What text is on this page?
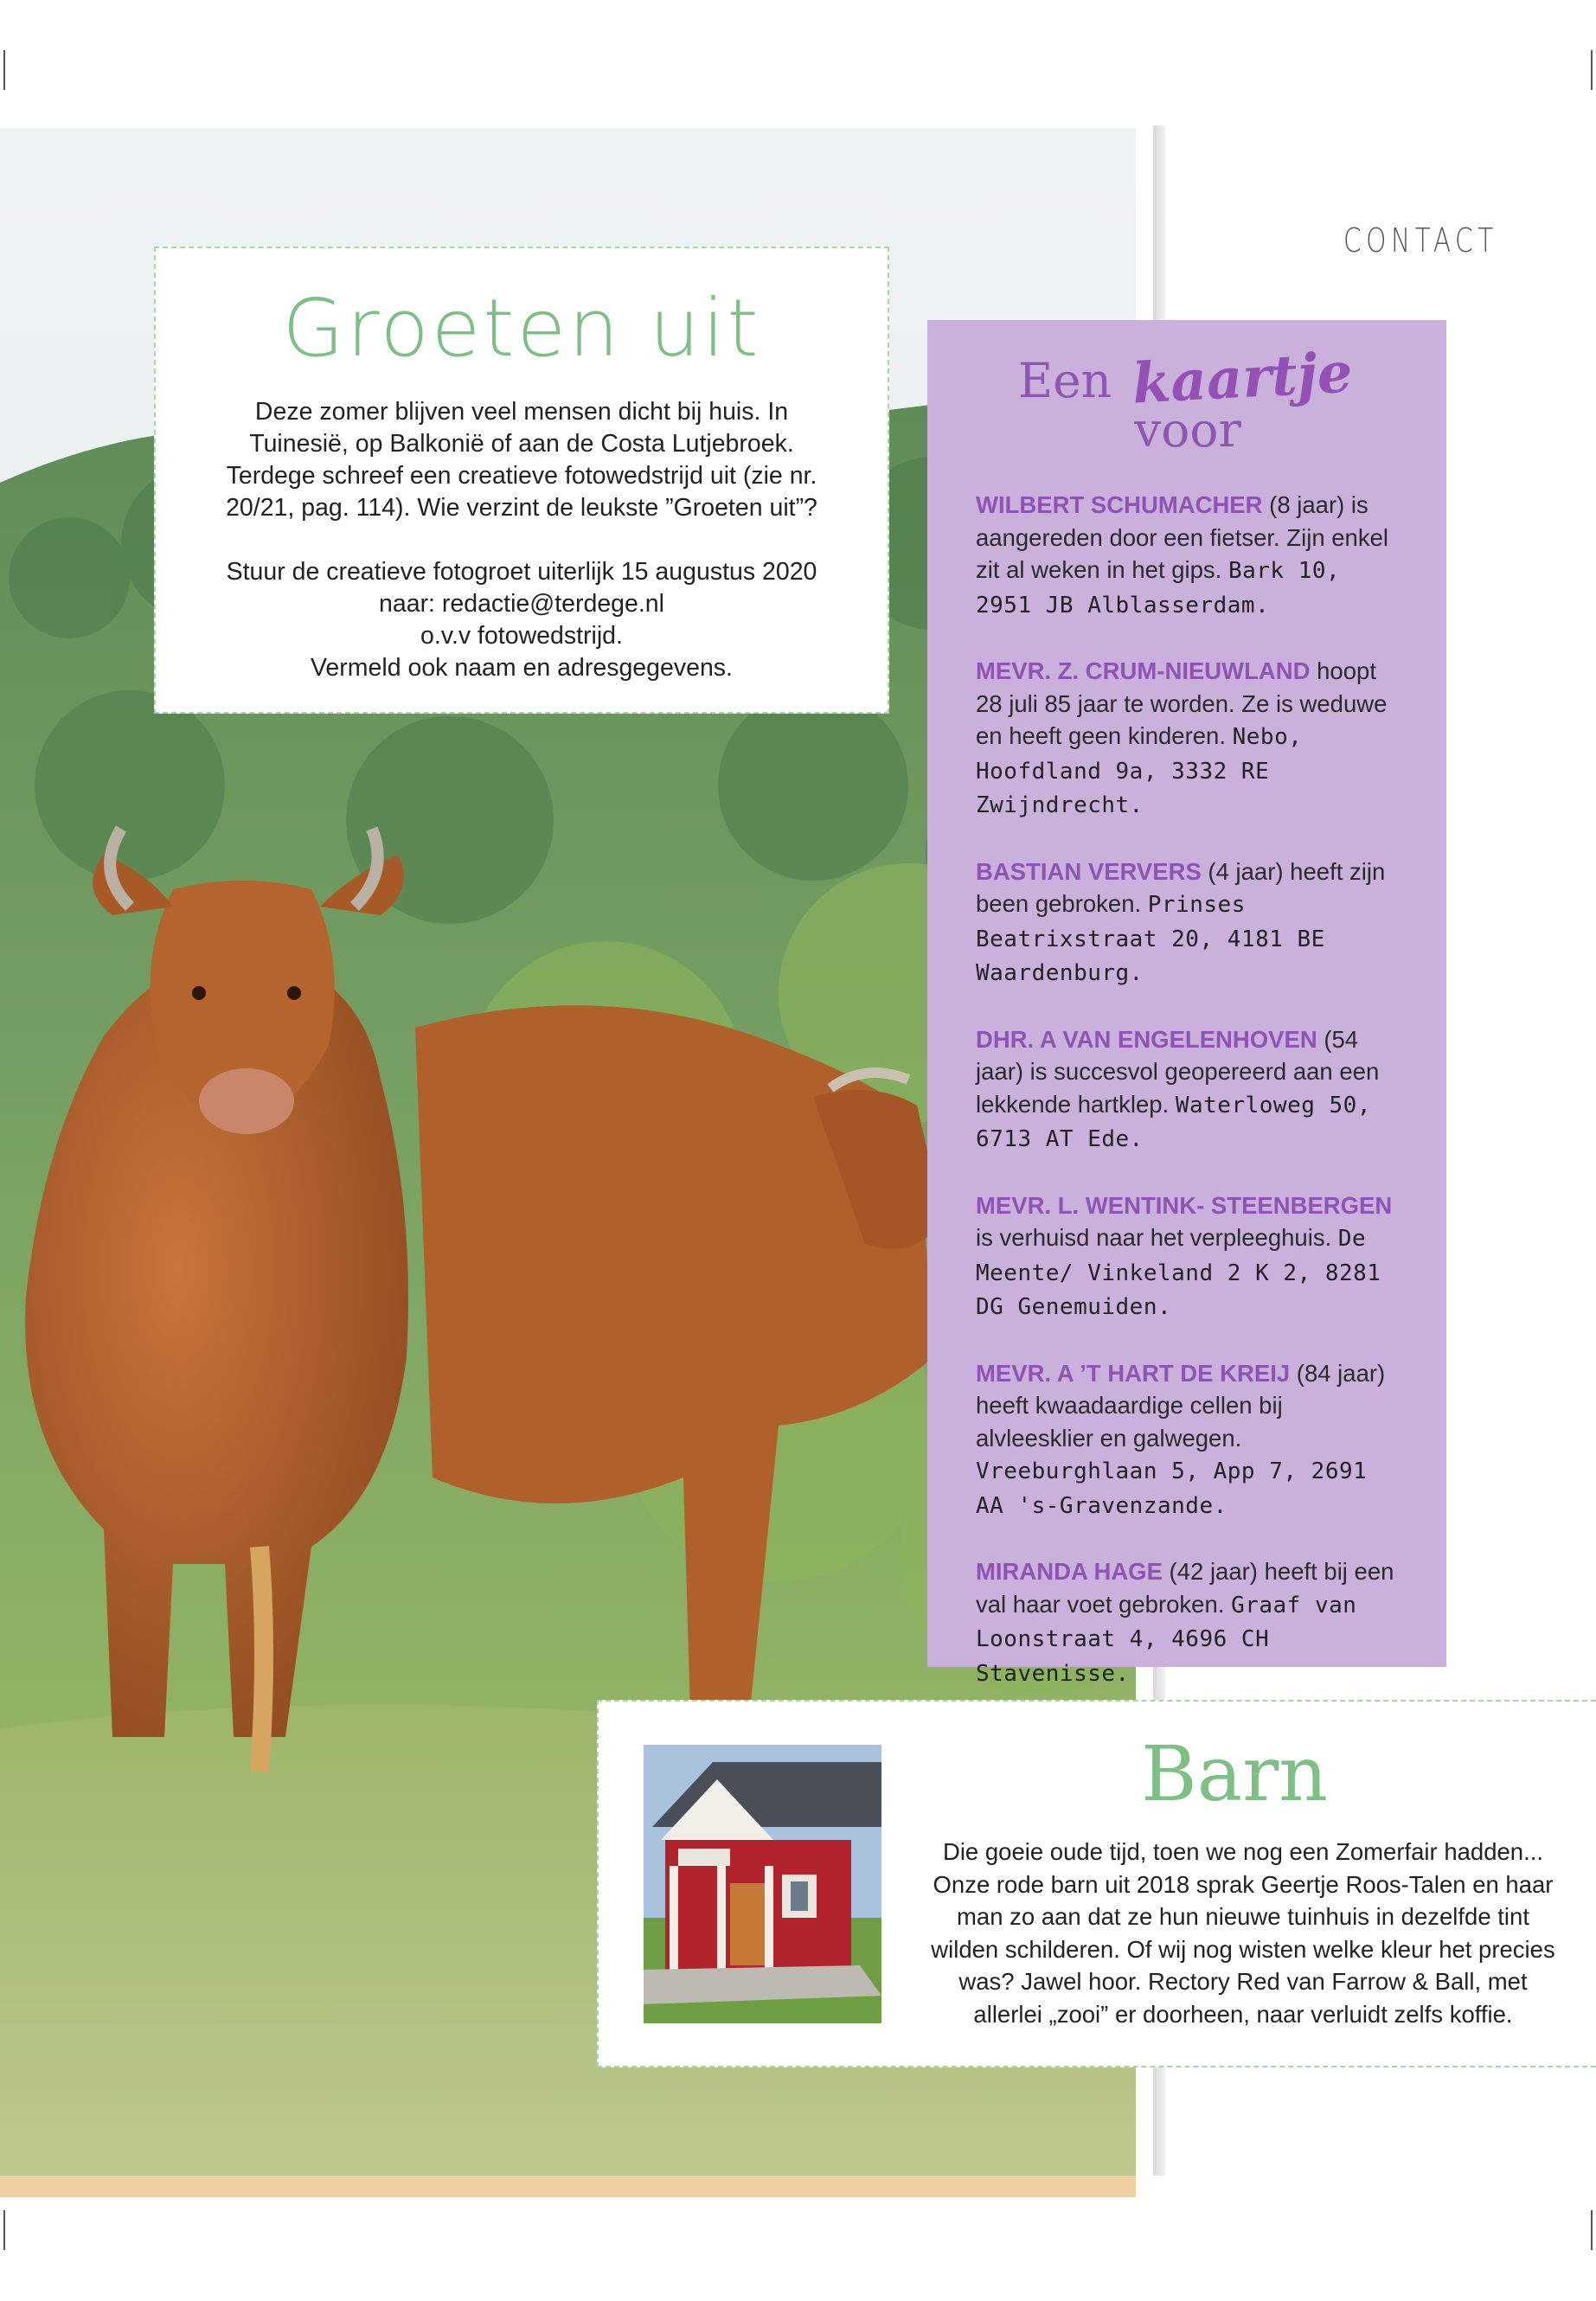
CONTACT
Groeten uit

Deze zomer blijven veel mensen dicht bij huis. In Tuinesië, op Balkonië of aan de Costa Lutjebroek. Terdege schreef een creatieve fotowedstrijd uit (zie nr. 20/21, pag. 114). Wie verzint de leukste ”Groeten uit”?

Stuur de creatieve fotogroet uiterlijk 15 augustus 2020
naar: redactie@terdege.nl
o.v.v fotowedstrijd.
Vermeld ook naam en adresgegevens.
Een kaartje voor
WILBERT SCHUMACHER (8 jaar) is aangereden door een fietser. Zijn enkel zit al weken in het gips. Bark 10, 2951 JB Alblasserdam.
MEVR. Z. CRUM-NIEUWLAND hoopt 28 juli 85 jaar te worden. Ze is weduwe en heeft geen kinderen. Nebo, Hoofdland 9a, 3332 RE Zwijndrecht.
BASTIAN VERVERS (4 jaar) heeft zijn been gebroken. Prinses Beatrixstraat 20, 4181 BE Waardenburg.
DHR. A VAN ENGELENHOVEN (54 jaar) is succesvol geopereerd aan een lekkende hartklep. Waterloweg 50, 6713 AT Ede.
MEVR. L. WENTINK- STEENBERGEN is verhuisd naar het verpleeghuis. De Meente/ Vinkeland 2 K 2, 8281 DG Genemuiden.
MEVR. A ’T HART DE KREIJ (84 jaar) heeft kwaadaardige cellen bij alvleesklier en galwegen. Vreeburghlaan 5, App 7, 2691 AA 's-Gravenzande.
MIRANDA HAGE (42 jaar) heeft bij een val haar voet gebroken. Graaf van Loonstraat 4, 4696 CH Stavenisse.
Barn
Die goeie oude tijd, toen we nog een Zomerfair hadden... Onze rode barn uit 2018 sprak Geertje Roos-Talen en haar man zo aan dat ze hun nieuwe tuinhuis in dezelfde tint wilden schilderen. Of wij nog wisten welke kleur het precies was? Jawel hoor. Rectory Red van Farrow & Ball, met allerlei „zooi” er doorheen, naar verluidt zelfs koffie.
